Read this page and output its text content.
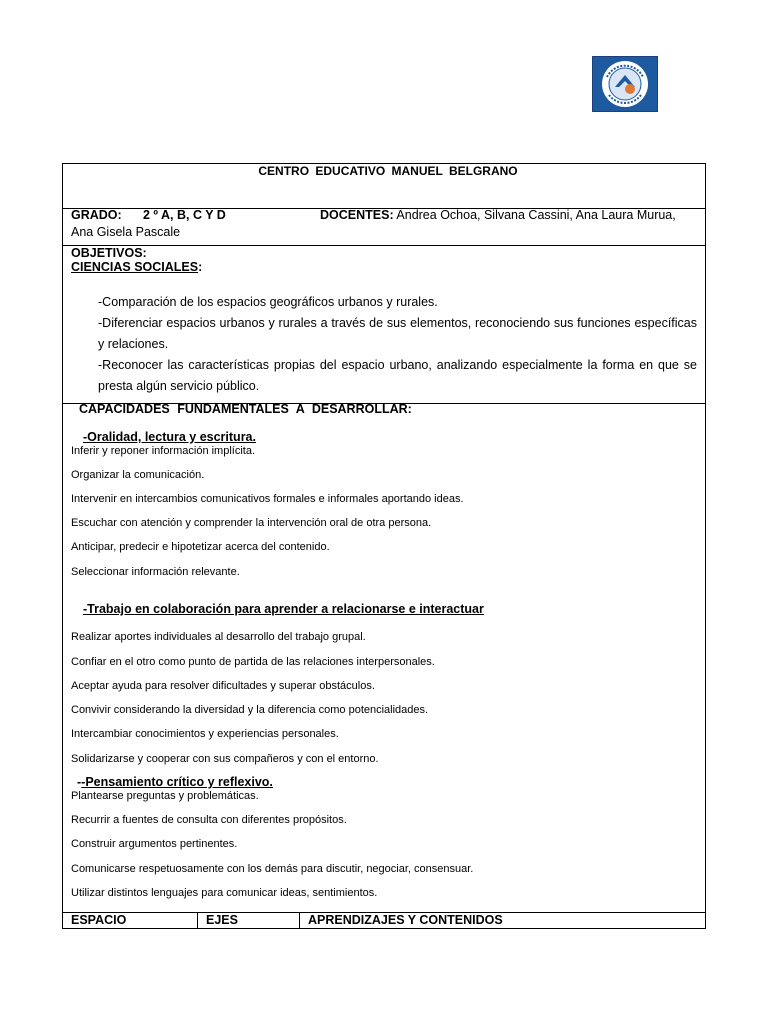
CENTRO EDUCATIVO MANUEL BELGRANO

GRADO: 2 º A, B, C Y D	DOCENTES: Andrea Ochoa, Silvana Cassini, Ana Laura Murua,
Ana Gisela Pascale

OBJETIVOS:
CIENCIAS SOCIALES:
-Comparación de los espacios geográficos urbanos y rurales.
-Diferenciar espacios urbanos y rurales a través de sus elementos, reconociendo sus funciones específicas y relaciones.
-Reconocer las características propias del espacio urbano, analizando especialmente la forma en que se presta algún servicio público.

CAPACIDADES FUNDAMENTALES A DESARROLLAR:
-Oralidad, lectura y escritura.
Inferir y reponer información implícita.
Organizar la comunicación.
Intervenir en intercambios comunicativos formales e informales aportando ideas.
Escuchar con atención y comprender la intervención oral de otra persona.
Anticipar, predecir e hipotetizar acerca del contenido.
Seleccionar información relevante.
-Trabajo en colaboración para aprender a relacionarse e interactuar
Realizar aportes individuales al desarrollo del trabajo grupal.
Confiar en el otro como punto de partida de las relaciones interpersonales.
Aceptar ayuda para resolver dificultades y superar obstáculos.
Convivir considerando la diversidad y la diferencia como potencialidades.
Intercambiar conocimientos y experiencias personales.
Solidarizarse y cooperar con sus compañeros y con el entorno.
--Pensamiento crítico y reflexivo.
Plantearse preguntas y problemáticas.
Recurrir a fuentes de consulta con diferentes propósitos.
Construir argumentos pertinentes.
Comunicarse respetuosamente con los demás para discutir, negociar, consensuar.
Utilizar distintos lenguajes para comunicar ideas, sentimientos.

ESPACIO	EJES	APRENDIZAJES Y CONTENIDOS
